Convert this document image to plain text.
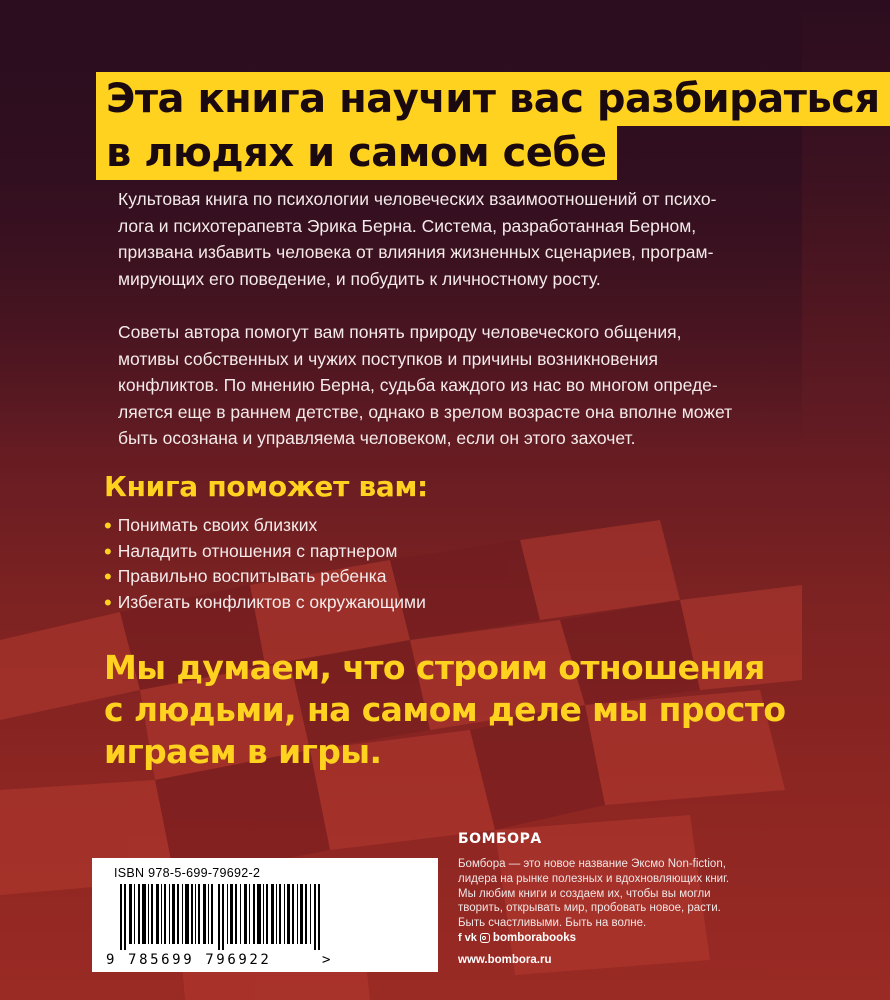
Эта книга научит вас разбираться
в людях и самом себе

Культовая книга по психологии человеческих взаимоотношений от психо-
лога и психотерапевта Эрика Берна. Система, разработанная Берном,
призвана избавить человека от влияния жизненных сценариев, програм-
мирующих его поведение, и побудить к личностному росту.

Советы автора помогут вам понять природу человеческого общения,
мотивы собственных и чужих поступков и причины возникновения
конфликтов. По мнению Берна, судьба каждого из нас во многом опреде-
ляется еще в раннем детстве, однако в зрелом возрасте она вполне может
быть осознана и управляема человеком, если он этого захочет.

Книга поможет вам:
• Понимать своих близких
• Наладить отношения с партнером
• Правильно воспитывать ребенка
• Избегать конфликтов с окружающими
Мы думаем, что строим отношения
с людьми, на самом деле мы просто
играем в игры.
ISBN 978-5-699-79692-2
9 785699 796922	>
БОМБОРА

Бомбора — это новое название Эксмо Non-fiction,
лидера на рынке полезных и вдохновляющих книг.
Мы любим книги и создаем их, чтобы вы могли
творить, открывать мир, пробовать новое, расти.
Быть счастливыми. Быть на волне.

f vk bomborabooks
www.bombora.ru
